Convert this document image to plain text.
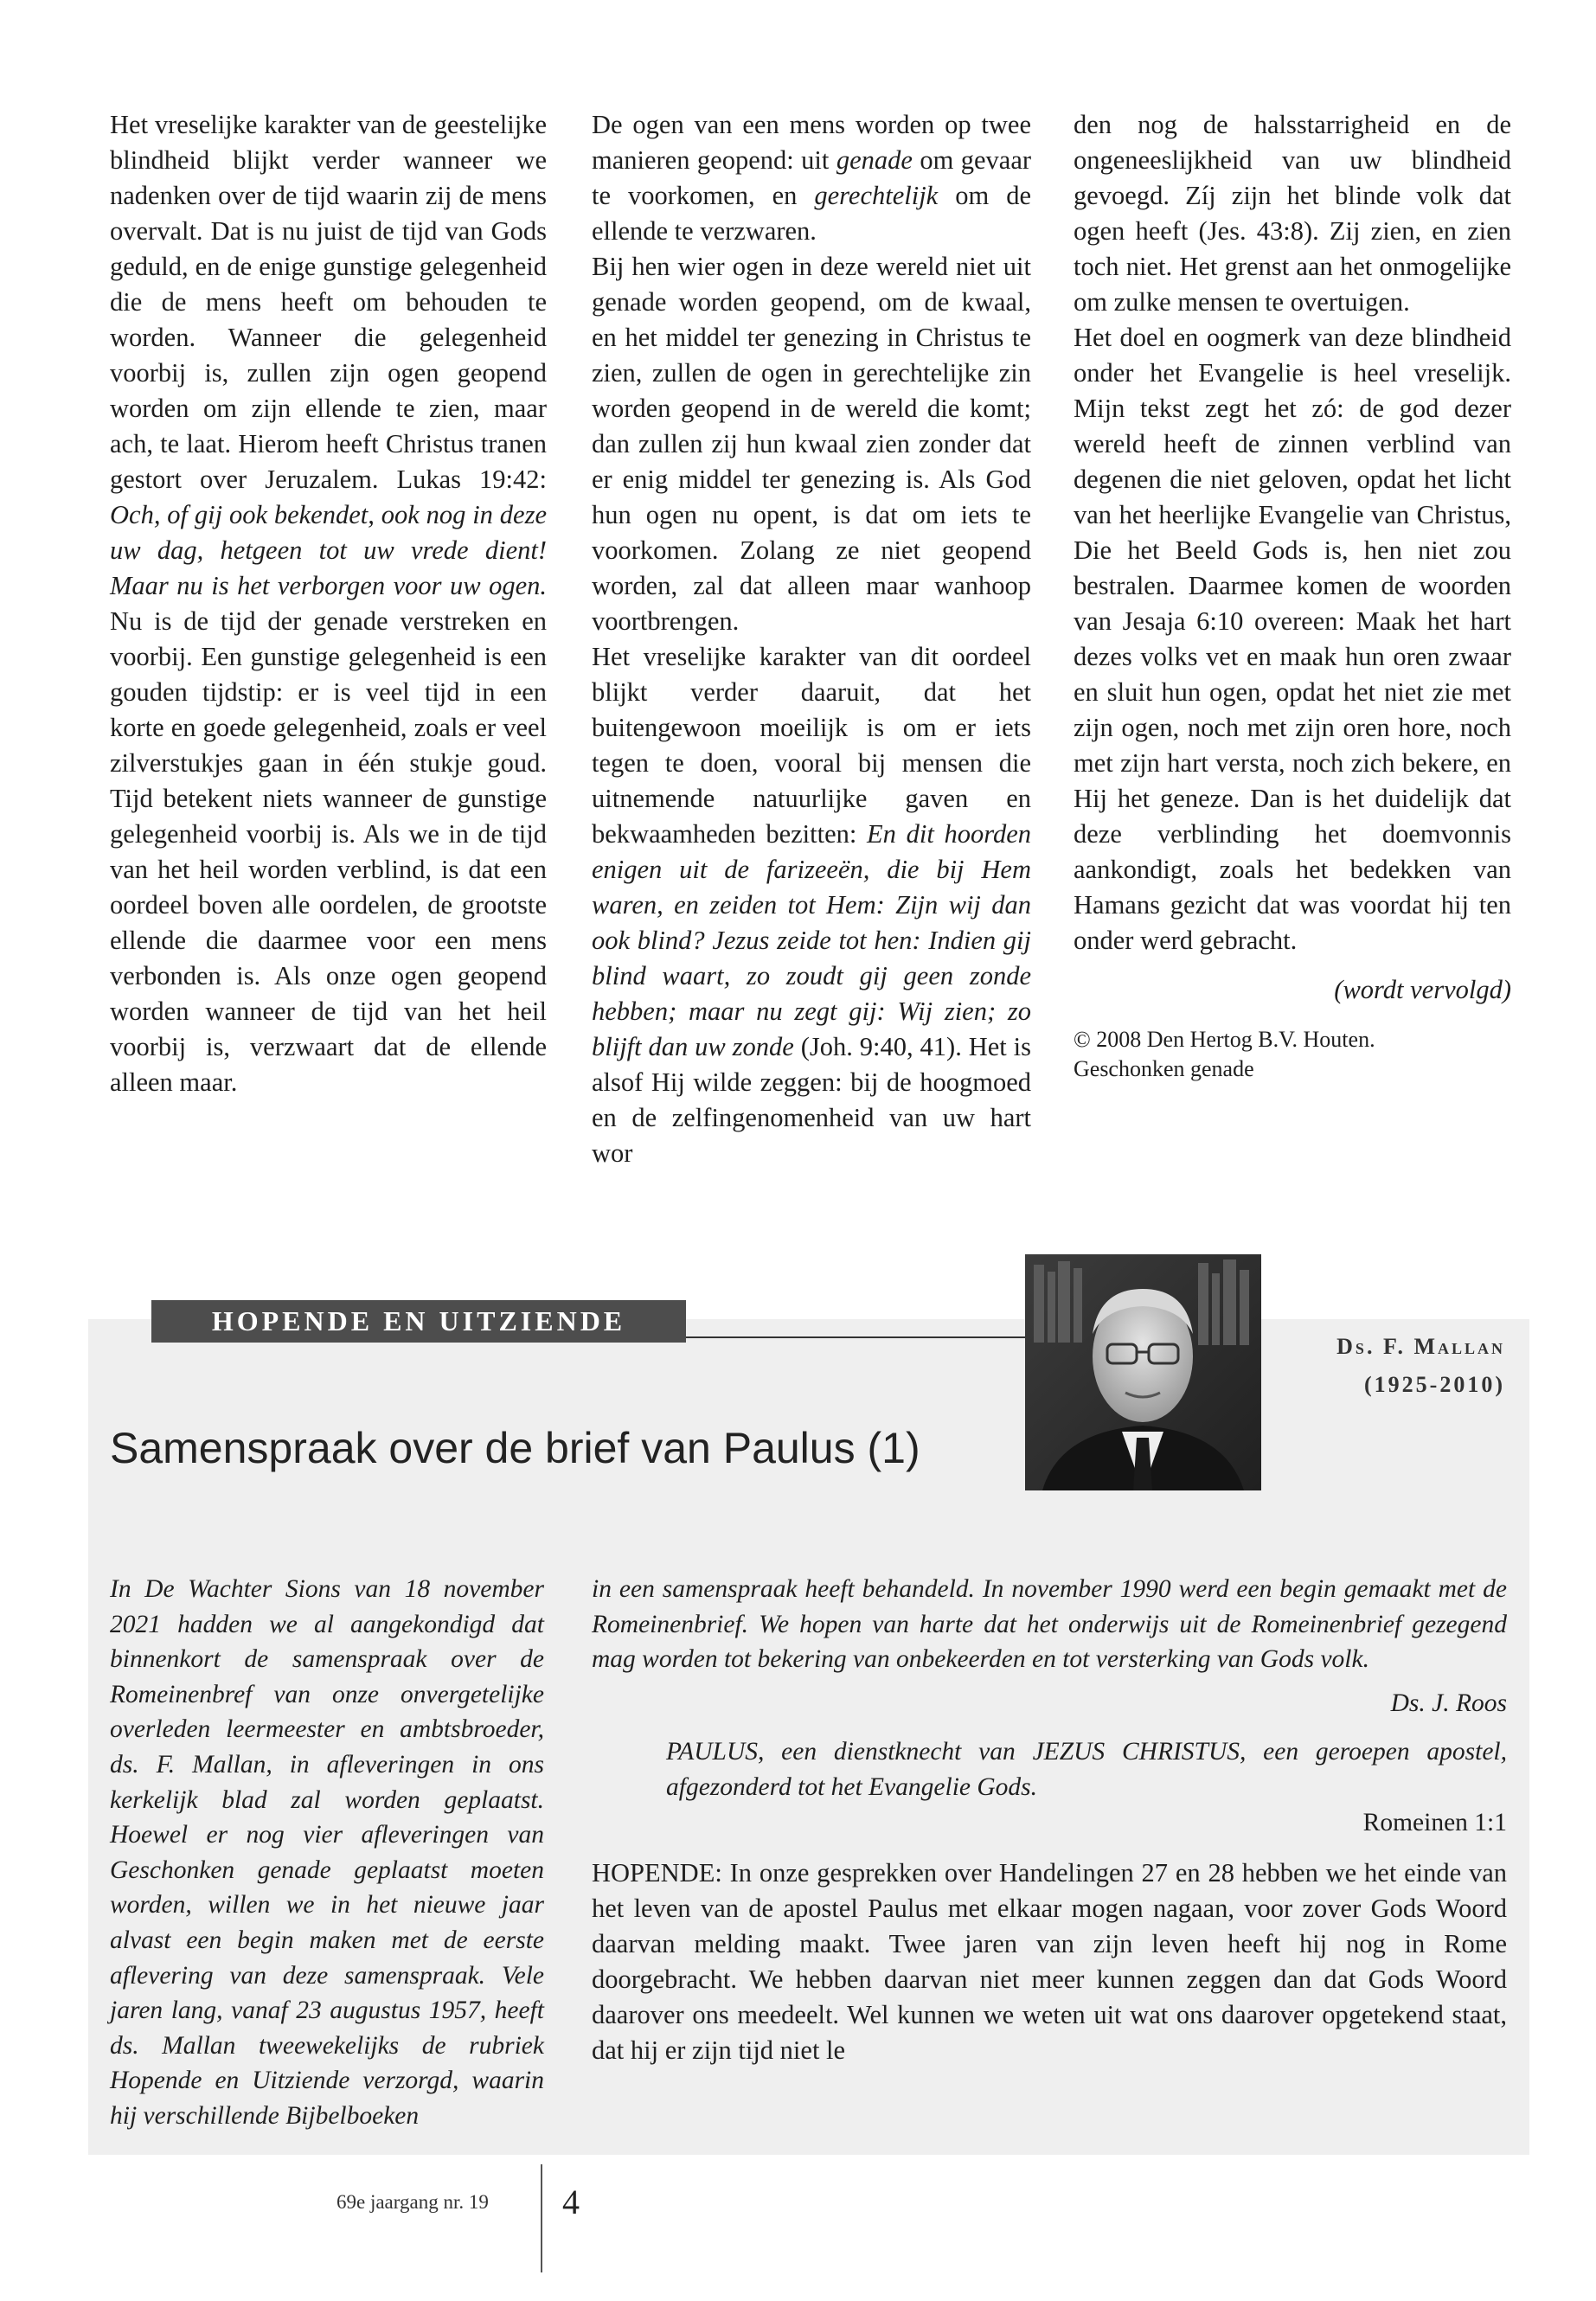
Het vreselijke karakter van de geestelijke blindheid blijkt verder wanneer we nadenken over de tijd waarin zij de mens overvalt. Dat is nu juist de tijd van Gods geduld, en de enige gunstige gelegenheid die de mens heeft om behouden te worden. Wanneer die gelegenheid voorbij is, zullen zijn ogen geopend worden om zijn ellende te zien, maar ach, te laat. Hierom heeft Christus tranen gestort over Jeruzalem. Lukas 19:42: Och, of gij ook bekendet, ook nog in deze uw dag, hetgeen tot uw vrede dient! Maar nu is het verborgen voor uw ogen. Nu is de tijd der genade verstreken en voorbij. Een gunstige gelegenheid is een gouden tijdstip: er is veel tijd in een korte en goede gelegenheid, zoals er veel zilverstukjes gaan in één stukje goud. Tijd betekent niets wanneer de gunstige gelegenheid voorbij is. Als we in de tijd van het heil worden verblind, is dat een oordeel boven alle oordelen, de grootste ellende die daarmee voor een mens verbonden is. Als onze ogen geopend worden wanneer de tijd van het heil voorbij is, verzwaart dat de ellende alleen maar.

De ogen van een mens worden op twee manieren geopend: uit genade om gevaar te voorkomen, en gerechtelijk om de ellende te verzwaren.

Bij hen wier ogen in deze wereld niet uit genade worden geopend, om de kwaal, en het middel ter genezing in Christus te zien, zullen de ogen in gerechtelijke zin worden geopend in de wereld die komt; dan zullen zij hun kwaal zien zonder dat er enig middel ter genezing is. Als God hun ogen nu opent, is dat om iets te voorkomen. Zolang ze niet geopend worden, zal dat alleen maar wanhoop voortbrengen.

Het vreselijke karakter van dit oordeel blijkt verder daaruit, dat het buitengewoon moeilijk is om er iets tegen te doen, vooral bij mensen die uitnemende natuurlijke gaven en bekwaamheden bezitten: En dit hoorden enigen uit de farizeeën, die bij Hem waren, en zeiden tot Hem: Zijn wij dan ook blind? Jezus zeide tot hen: Indien gij blind waart, zo zoudt gij geen zonde hebben; maar nu zegt gij: Wij zien; zo blijft dan uw zonde (Joh. 9:40, 41). Het is alsof Hij wilde zeggen: bij de hoogmoed en de zelfingenomenheid van uw hart wor

den nog de halsstarrigheid en de ongeneeslijkheid van uw blindheid gevoegd. Zíj zijn het blinde volk dat ogen heeft (Jes. 43:8). Zij zien, en zien toch niet. Het grenst aan het onmogelijke om zulke mensen te overtuigen.

Het doel en oogmerk van deze blindheid onder het Evangelie is heel vreselijk. Mijn tekst zegt het zó: de god dezer wereld heeft de zinnen verblind van degenen die niet geloven, opdat het licht van het heerlijke Evangelie van Christus, Die het Beeld Gods is, hen niet zou bestralen. Daarmee komen de woorden van Jesaja 6:10 overeen: Maak het hart dezes volks vet en maak hun oren zwaar en sluit hun ogen, opdat het niet zie met zijn ogen, noch met zijn oren hore, noch met zijn hart versta, noch zich bekere, en Hij het geneze. Dan is het duidelijk dat deze verblinding het doemvonnis aankondigt, zoals het bedekken van Hamans gezicht dat was voordat hij ten onder werd gebracht.

(wordt vervolgd)

© 2008 Den Hertog B.V. Houten.

Geschonken genade

HOPENDE EN UITZIENDE
Ds. F. Mallan
(1925-2010)
Samenspraak over de brief van Paulus (1)

In De Wachter Sions van 18 november 2021 hadden we al aangekondigd dat binnenkort de samenspraak over de Romeinenbref van onze onvergetelijke overleden leermeester en ambtsbroeder, ds. F. Mallan, in afleveringen in ons kerkelijk blad zal worden geplaatst. Hoewel er nog vier afleveringen van Geschonken genade geplaatst moeten worden, willen we in het nieuwe jaar alvast een begin maken met de eerste aflevering van deze samenspraak. Vele jaren lang, vanaf 23 augustus 1957, heeft ds. Mallan tweewekelijks de rubriek Hopende en Uitziende verzorgd, waarin hij verschillende Bijbelboeken

in een samenspraak heeft behandeld. In november 1990 werd een begin gemaakt met de Romeinenbrief. We hopen van harte dat het onderwijs uit de Romeinenbrief gezegend mag worden tot bekering van onbekeerden en tot versterking van Gods volk.

Ds. J. Roos

PAULUS, een dienstknecht van JEZUS CHRISTUS, een geroepen apostel, afgezonderd tot het Evangelie Gods.

Romeinen 1:1

HOPENDE: In onze gesprekken over Handelingen 27 en 28 hebben we het einde van het leven van de apostel Paulus met elkaar mogen nagaan, voor zover Gods Woord daarvan melding maakt. Twee jaren van zijn leven heeft hij nog in Rome doorgebracht. We hebben daarvan niet meer kunnen zeggen dan dat Gods Woord daarover ons meedeelt. Wel kunnen we weten uit wat ons daarover opgetekend staat, dat hij er zijn tijd niet le

69e jaargang nr. 19 4
